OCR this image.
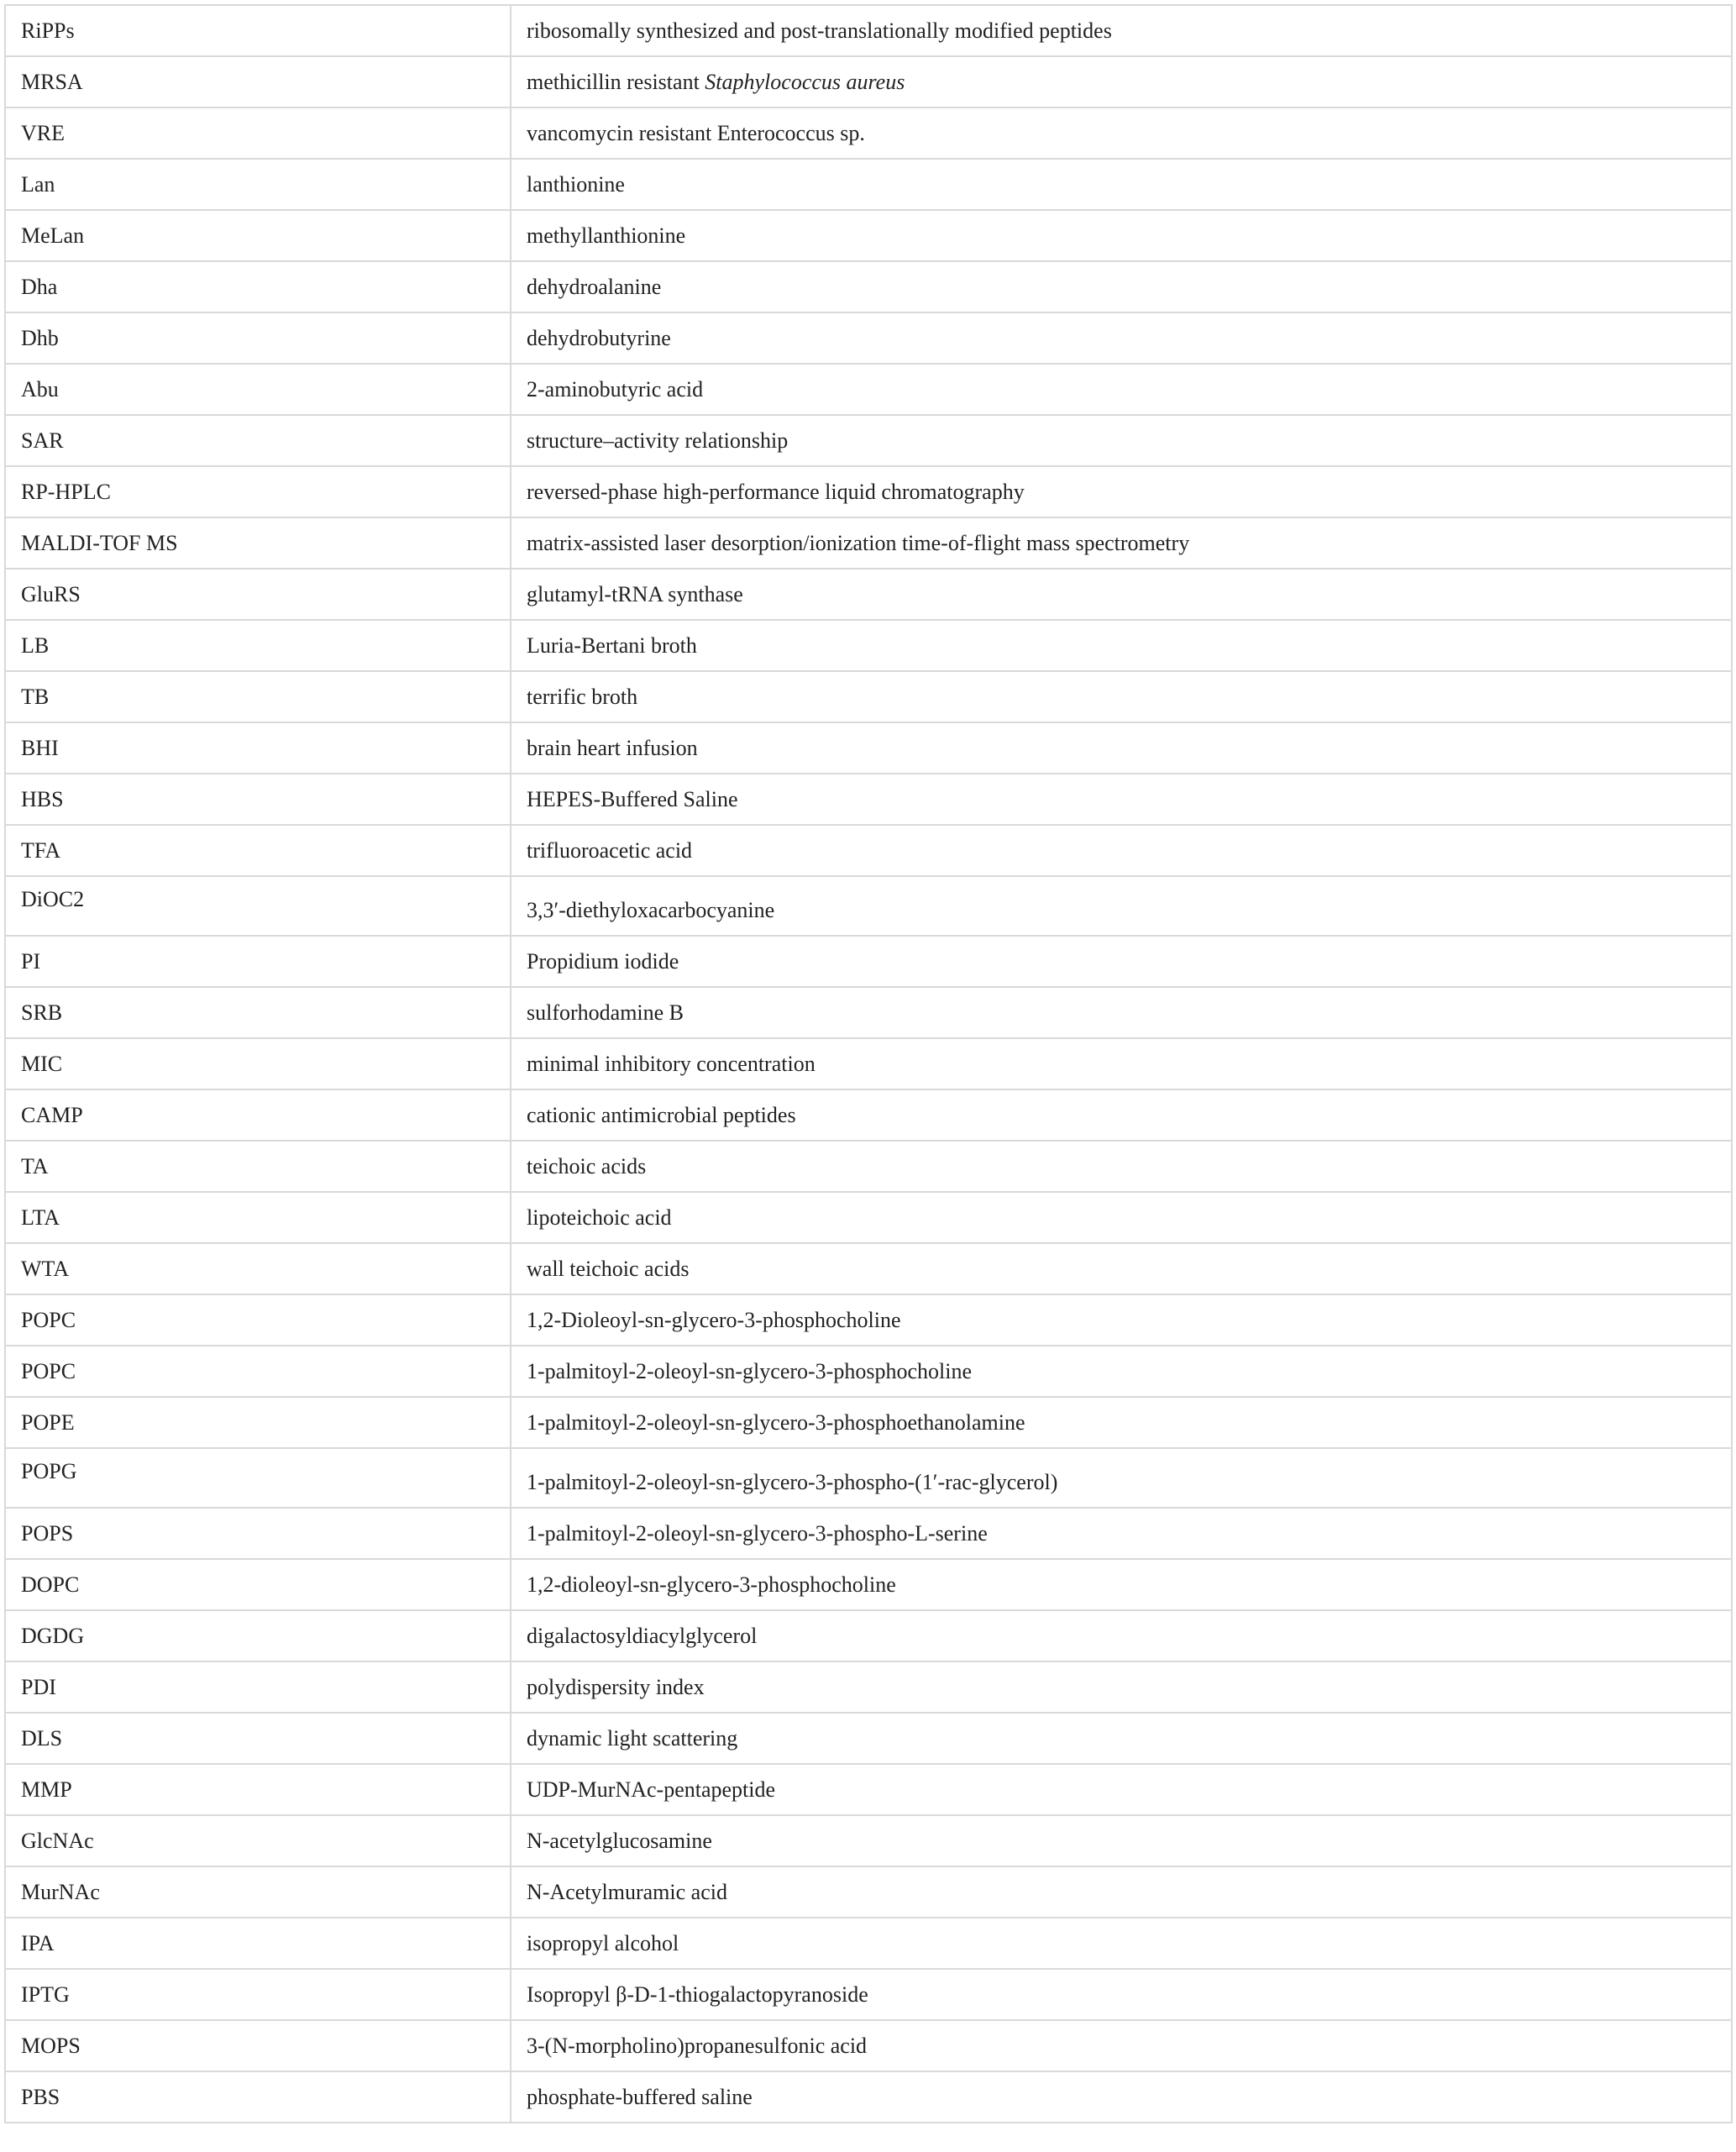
RiPPs	ribosomally synthesized and post-translationally modified peptides
MRSA	methicillin resistant Staphylococcus aureus
VRE	vancomycin resistant Enterococcus sp.
Lan	lanthionine
MeLan	methyllanthionine
Dha	dehydroalanine
Dhb	dehydrobutyrine
Abu	2-aminobutyric acid
SAR	structure–activity relationship
RP-HPLC	reversed-phase high-performance liquid chromatography
MALDI-TOF MS	matrix-assisted laser desorption/ionization time-of-flight mass spectrometry
GluRS	glutamyl-tRNA synthase
LB	Luria-Bertani broth
TB	terrific broth
BHI	brain heart infusion
HBS	HEPES-Buffered Saline
TFA	trifluoroacetic acid
DiOC2	3,3′-diethyloxacarbocyanine
PI	Propidium iodide
SRB	sulforhodamine B
MIC	minimal inhibitory concentration
CAMP	cationic antimicrobial peptides
TA	teichoic acids
LTA	lipoteichoic acid
WTA	wall teichoic acids
POPC	1,2-Dioleoyl-sn-glycero-3-phosphocholine
POPC	1-palmitoyl-2-oleoyl-sn-glycero-3-phosphocholine
POPE	1-palmitoyl-2-oleoyl-sn-glycero-3-phosphoethanolamine
POPG	1-palmitoyl-2-oleoyl-sn-glycero-3-phospho-(1′-rac-glycerol)
POPS	1-palmitoyl-2-oleoyl-sn-glycero-3-phospho-L-serine
DOPC	1,2-dioleoyl-sn-glycero-3-phosphocholine
DGDG	digalactosyldiacylglycerol
PDI	polydispersity index
DLS	dynamic light scattering
MMP	UDP-MurNAc-pentapeptide
GlcNAc	N-acetylglucosamine
MurNAc	N-Acetylmuramic acid
IPA	isopropyl alcohol
IPTG	Isopropyl β-D-1-thiogalactopyranoside
MOPS	3-(N-morpholino)propanesulfonic acid
PBS	phosphate-buffered saline
